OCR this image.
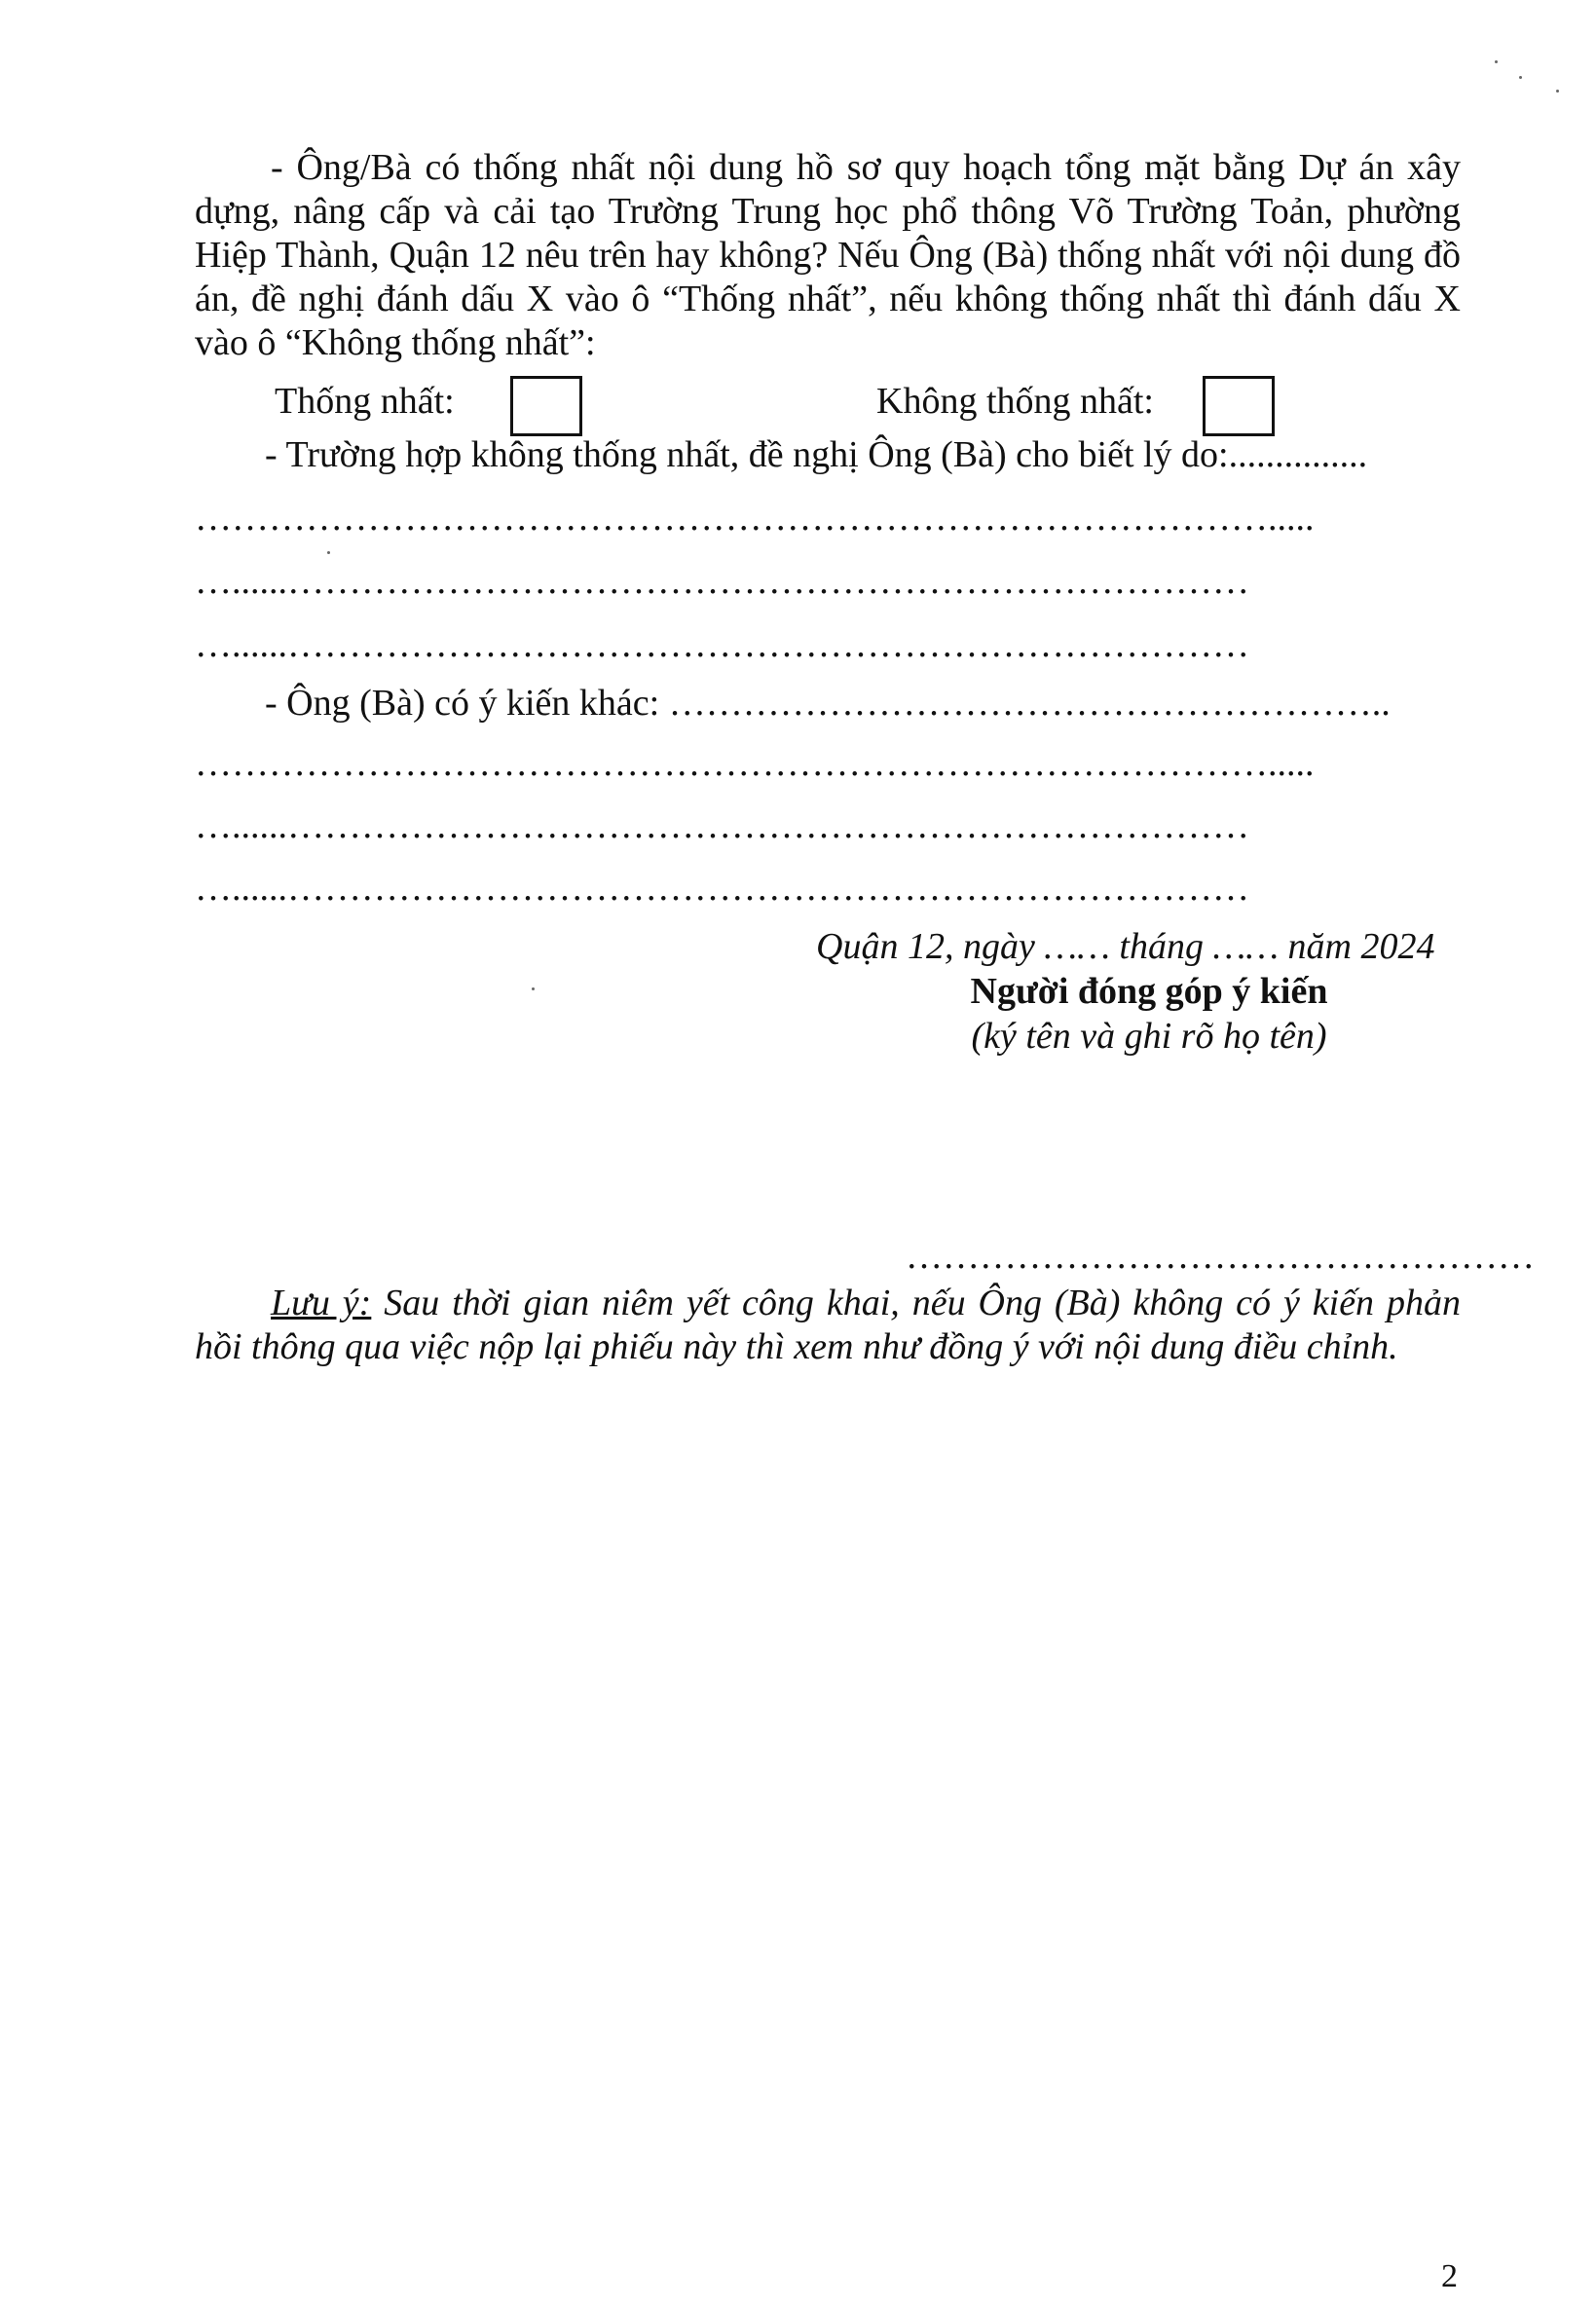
- Ông/Bà có thống nhất nội dung hồ sơ quy hoạch tổng mặt bằng Dự án xây dựng, nâng cấp và cải tạo Trường Trung học phổ thông Võ Trường Toản, phường Hiệp Thành, Quận 12 nêu trên hay không? Nếu Ông (Bà) thống nhất với nội dung đồ án, đề nghị đánh dấu X vào ô “Thống nhất”, nếu không thống nhất thì đánh dấu X vào ô “Không thống nhất”:
Thống nhất:	Không thống nhất:
- Trường hợp không thống nhất, đề nghị Ông (Bà) cho biết lý do:...............
…………………………………………………………………………….....
…......……………………………………………………………………
…......……………………………………………………………………
- Ông (Bà) có ý kiến khác: …………………………………………………..
…………………………………………………………………………….....
…......……………………………………………………………………
…......……………………………………………………………………
Quận 12, ngày …… tháng …… năm 2024
Người đóng góp ý kiến
(ký tên và ghi rõ họ tên)
……………………………………………
Lưu ý: Sau thời gian niêm yết công khai, nếu Ông (Bà) không có ý kiến phản hồi thông qua việc nộp lại phiếu này thì xem như đồng ý với nội dung điều chỉnh.
2
